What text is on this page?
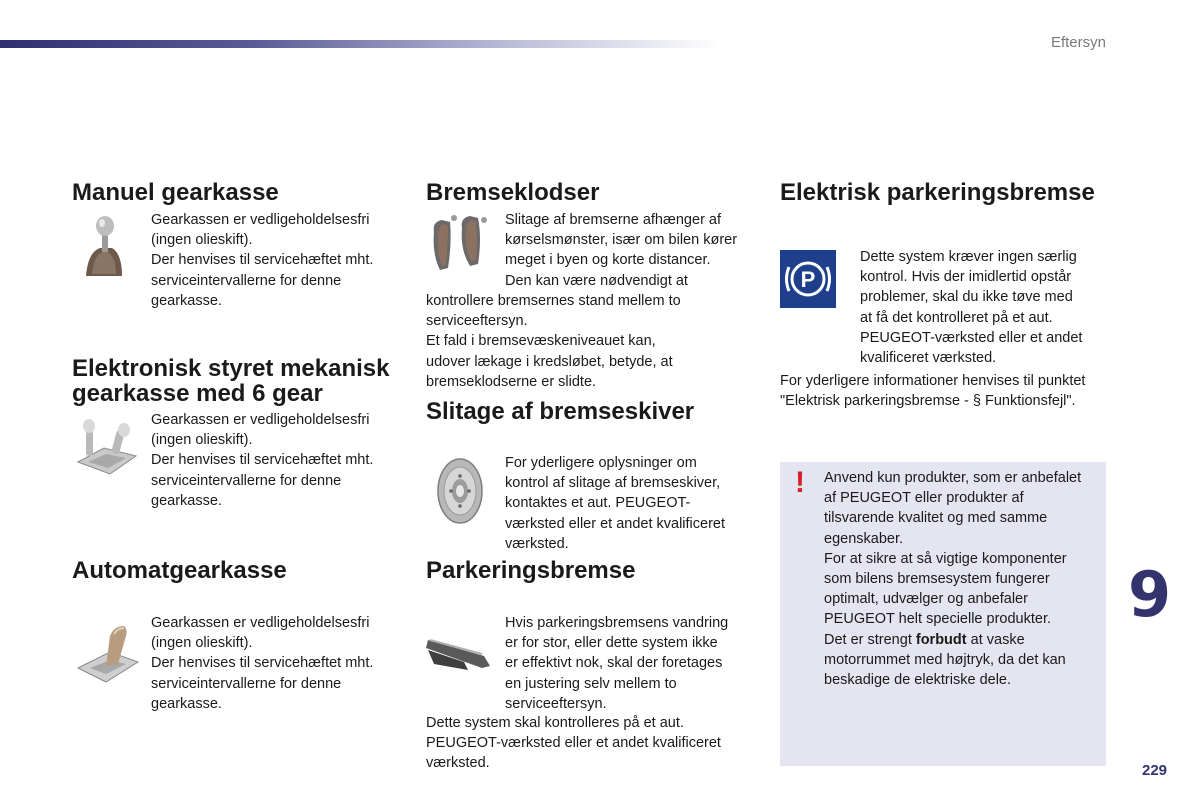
Eftersyn
Manuel gearkasse

Gearkassen er vedligeholdelsesfri

(ingen olieskift).

Der henvises til servicehæftet mht.

serviceintervallerne for denne

gearkasse.

Elektronisk styret mekanisk
gearkasse med 6 gear

Gearkassen er vedligeholdelsesfri

(ingen olieskift).

Der henvises til servicehæftet mht.

serviceintervallerne for denne

gearkasse.

Automatgearkasse

Gearkassen er vedligeholdelsesfri

(ingen olieskift).

Der henvises til servicehæftet mht.

serviceintervallerne for denne

gearkasse.

Bremseklodser

Slitage af bremserne afhænger af

kørselsmønster, især om bilen kører

meget i byen og korte distancer.

Den kan være nødvendigt at

kontrollere bremsernes stand mellem to

serviceeftersyn.

Et fald i bremsevæskeniveauet kan,

udover lækage i kredsløbet, betyde, at

bremseklodserne er slidte.

Slitage af bremseskiver

For yderligere oplysninger om

kontrol af slitage af bremseskiver,

kontaktes et aut. PEUGEOT-

værksted eller et andet kvalificeret

værksted.

Parkeringsbremse

Hvis parkeringsbremsens vandring

er for stor, eller dette system ikke

er effektivt nok, skal der foretages

en justering selv mellem to

serviceeftersyn.

Dette system skal kontrolleres på et aut.

PEUGEOT-værksted eller et andet kvalificeret

værksted.

Elektrisk parkeringsbremse
P

Dette system kræver ingen særlig

kontrol. Hvis der imidlertid opstår

problemer, skal du ikke tøve med

at få det kontrolleret på et aut.

PEUGEOT-værksted eller et andet

kvalificeret værksted.

For yderligere informationer henvises til punktet

"Elektrisk parkeringsbremse - § Funktionsfejl".

! Anvend kun produkter, som er anbefalet

af PEUGEOT eller produkter af

tilsvarende kvalitet og med samme

egenskaber.

For at sikre at så vigtige komponenter

som bilens bremsesystem fungerer

optimalt, udvælger og anbefaler

PEUGEOT helt specielle produkter.

Det er strengt forbudt at vaske

motorrummet med højtryk, da det kan

beskadige de elektriske dele.

9
229
